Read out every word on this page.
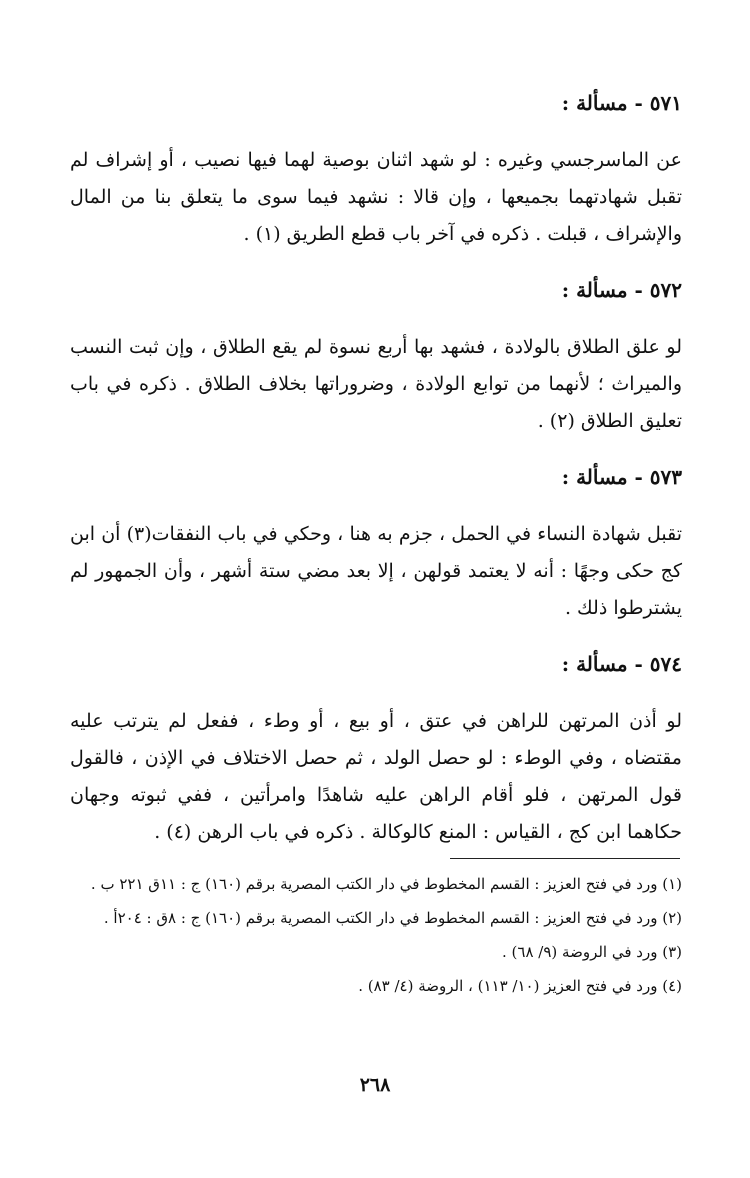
٥٧١ - مسألة :
عن الماسرجسي وغيره : لو شهد اثنان بوصية لهما فيها نصيب ، أو إشراف لم تقبل شهادتهما بجميعها ، وإن قالا : نشهد فيما سوى ما يتعلق بنا من المال والإشراف ، قبلت . ذكره في آخر باب قطع الطريق (١) .
٥٧٢ - مسألة :
لو علق الطلاق بالولادة ، فشهد بها أربع نسوة لم يقع الطلاق ، وإن ثبت النسب والميراث ؛ لأنهما من توابع الولادة ، وضروراتها بخلاف الطلاق . ذكره في باب تعليق الطلاق (٢) .
٥٧٣ - مسألة :
تقبل شهادة النساء في الحمل ، جزم به هنا ، وحكي في باب النفقات(٣) أن ابن كج حكى وجهًا : أنه لا يعتمد قولهن ، إلا بعد مضي ستة أشهر ، وأن الجمهور لم يشترطوا ذلك .
٥٧٤ - مسألة :
لو أذن المرتهن للراهن في عتق ، أو بيع ، أو وطء ، ففعل لم يترتب عليه مقتضاه ، وفي الوطء : لو حصل الولد ، ثم حصل الاختلاف في الإذن ، فالقول قول المرتهن ، فلو أقام الراهن عليه شاهدًا وامرأتين ، ففي ثبوته وجهان حكاهما ابن كج ، القياس : المنع كالوكالة . ذكره في باب الرهن (٤) .
(١) ورد في فتح العزيز : القسم المخطوط في دار الكتب المصرية برقم (١٦٠) ج : ١١ق ٢٢١ ب .
(٢) ورد في فتح العزيز : القسم المخطوط في دار الكتب المصرية برقم (١٦٠) ج : ٨ق : ٢٠٤أ .
(٣) ورد في الروضة (٩/ ٦٨) .
(٤) ورد في فتح العزيز (١٠/ ١١٣) ، الروضة (٤/ ٨٣) .
٢٦٨
